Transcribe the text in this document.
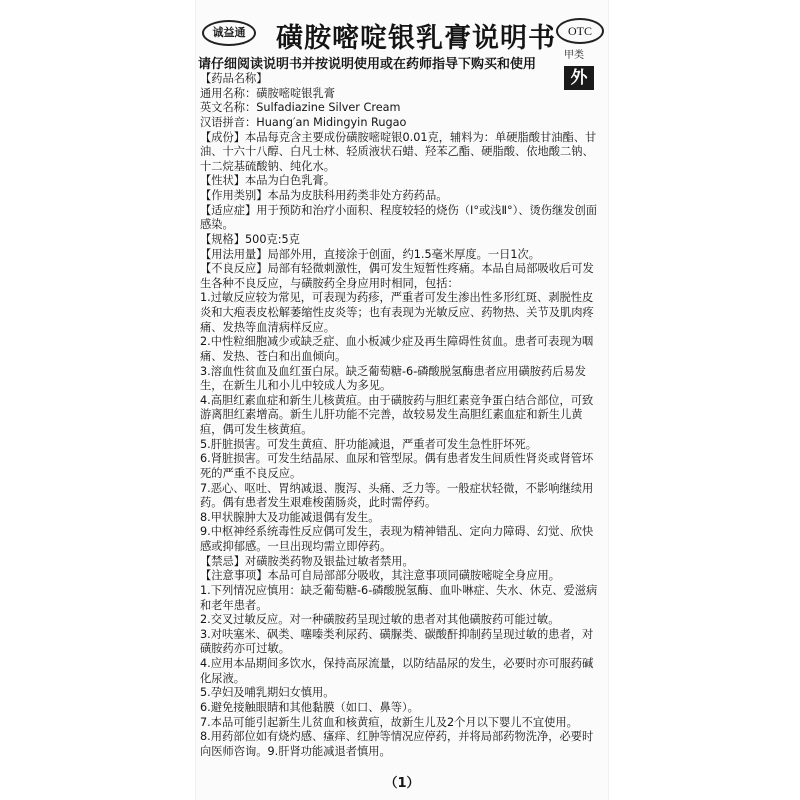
诚益通	磺胺嘧啶银乳膏说明书	OTC
甲类
请仔细阅读说明书并按说明使用或在药师指导下购买和使用
外
【药品名称】
通用名称：磺胺嘧啶银乳膏
英文名称：Sulfadiazine Silver Cream
汉语拼音：Huang′an Midingyin Rugao
【成份】本品每克含主要成份磺胺嘧啶银0.01克，辅料为：单硬脂酸甘油酯、甘油、十六十八醇、白凡士林、轻质液状石蜡、羟苯乙酯、硬脂酸、依地酸二钠、十二烷基硫酸钠、纯化水。
【性状】本品为白色乳膏。
【作用类别】本品为皮肤科用药类非处方药药品。
【适应症】用于预防和治疗小面积、程度较轻的烧伤（Ⅰ°或浅Ⅱ°）、烫伤继发创面感染。
【规格】500克:5克
【用法用量】局部外用，直接涂于创面，约1.5毫米厚度。一日1次。
【不良反应】局部有轻微刺激性，偶可发生短暂性疼痛。本品自局部吸收后可发生各种不良反应，与磺胺药全身应用时相同，包括：
1.过敏反应较为常见，可表现为药疹，严重者可发生渗出性多形红斑、剥脱性皮炎和大疱表皮松解萎缩性皮炎等；也有表现为光敏反应、药物热、关节及肌肉疼痛、发热等血清病样反应。
2.中性粒细胞减少或缺乏症、血小板减少症及再生障碍性贫血。患者可表现为咽痛、发热、苍白和出血倾向。
3.溶血性贫血及血红蛋白尿。缺乏葡萄糖-6-磷酸脱氢酶患者应用磺胺药后易发生，在新生儿和小儿中较成人为多见。
4.高胆红素血症和新生儿核黄疸。由于磺胺药与胆红素竞争蛋白结合部位，可致游离胆红素增高。新生儿肝功能不完善，故较易发生高胆红素血症和新生儿黄疸，偶可发生核黄疸。
5.肝脏损害。可发生黄疸、肝功能减退，严重者可发生急性肝坏死。
6.肾脏损害。可发生结晶尿、血尿和管型尿。偶有患者发生间质性肾炎或肾管坏死的严重不良反应。
7.恶心、呕吐、胃纳减退、腹泻、头痛、乏力等。一般症状轻微，不影响继续用药。偶有患者发生艰难梭菌肠炎，此时需停药。
8.甲状腺肿大及功能减退偶有发生。
9.中枢神经系统毒性反应偶可发生，表现为精神错乱、定向力障碍、幻觉、欣快感或抑郁感。一旦出现均需立即停药。
【禁忌】对磺胺类药物及银盐过敏者禁用。
【注意事项】本品可自局部部分吸收，其注意事项同磺胺嘧啶全身应用。
1.下列情况应慎用：缺乏葡萄糖-6-磷酸脱氢酶、血卟啉症、失水、休克、爱滋病和老年患者。
2.交叉过敏反应。对一种磺胺药呈现过敏的患者对其他磺胺药可能过敏。
3.对呋塞米、砜类、噻嗪类利尿药、磺脲类、碳酸酐抑制药呈现过敏的患者，对磺胺药亦可过敏。
4.应用本品期间多饮水，保持高尿流量，以防结晶尿的发生，必要时亦可服药碱化尿液。
5.孕妇及哺乳期妇女慎用。
6.避免接触眼睛和其他黏膜（如口、鼻等）。
7.本品可能引起新生儿贫血和核黄疸，故新生儿及2个月以下婴儿不宜使用。
8.用药部位如有烧灼感、瘙痒、红肿等情况应停药，并将局部药物洗净，必要时向医师咨询。9.肝肾功能减退者慎用。
（1）
